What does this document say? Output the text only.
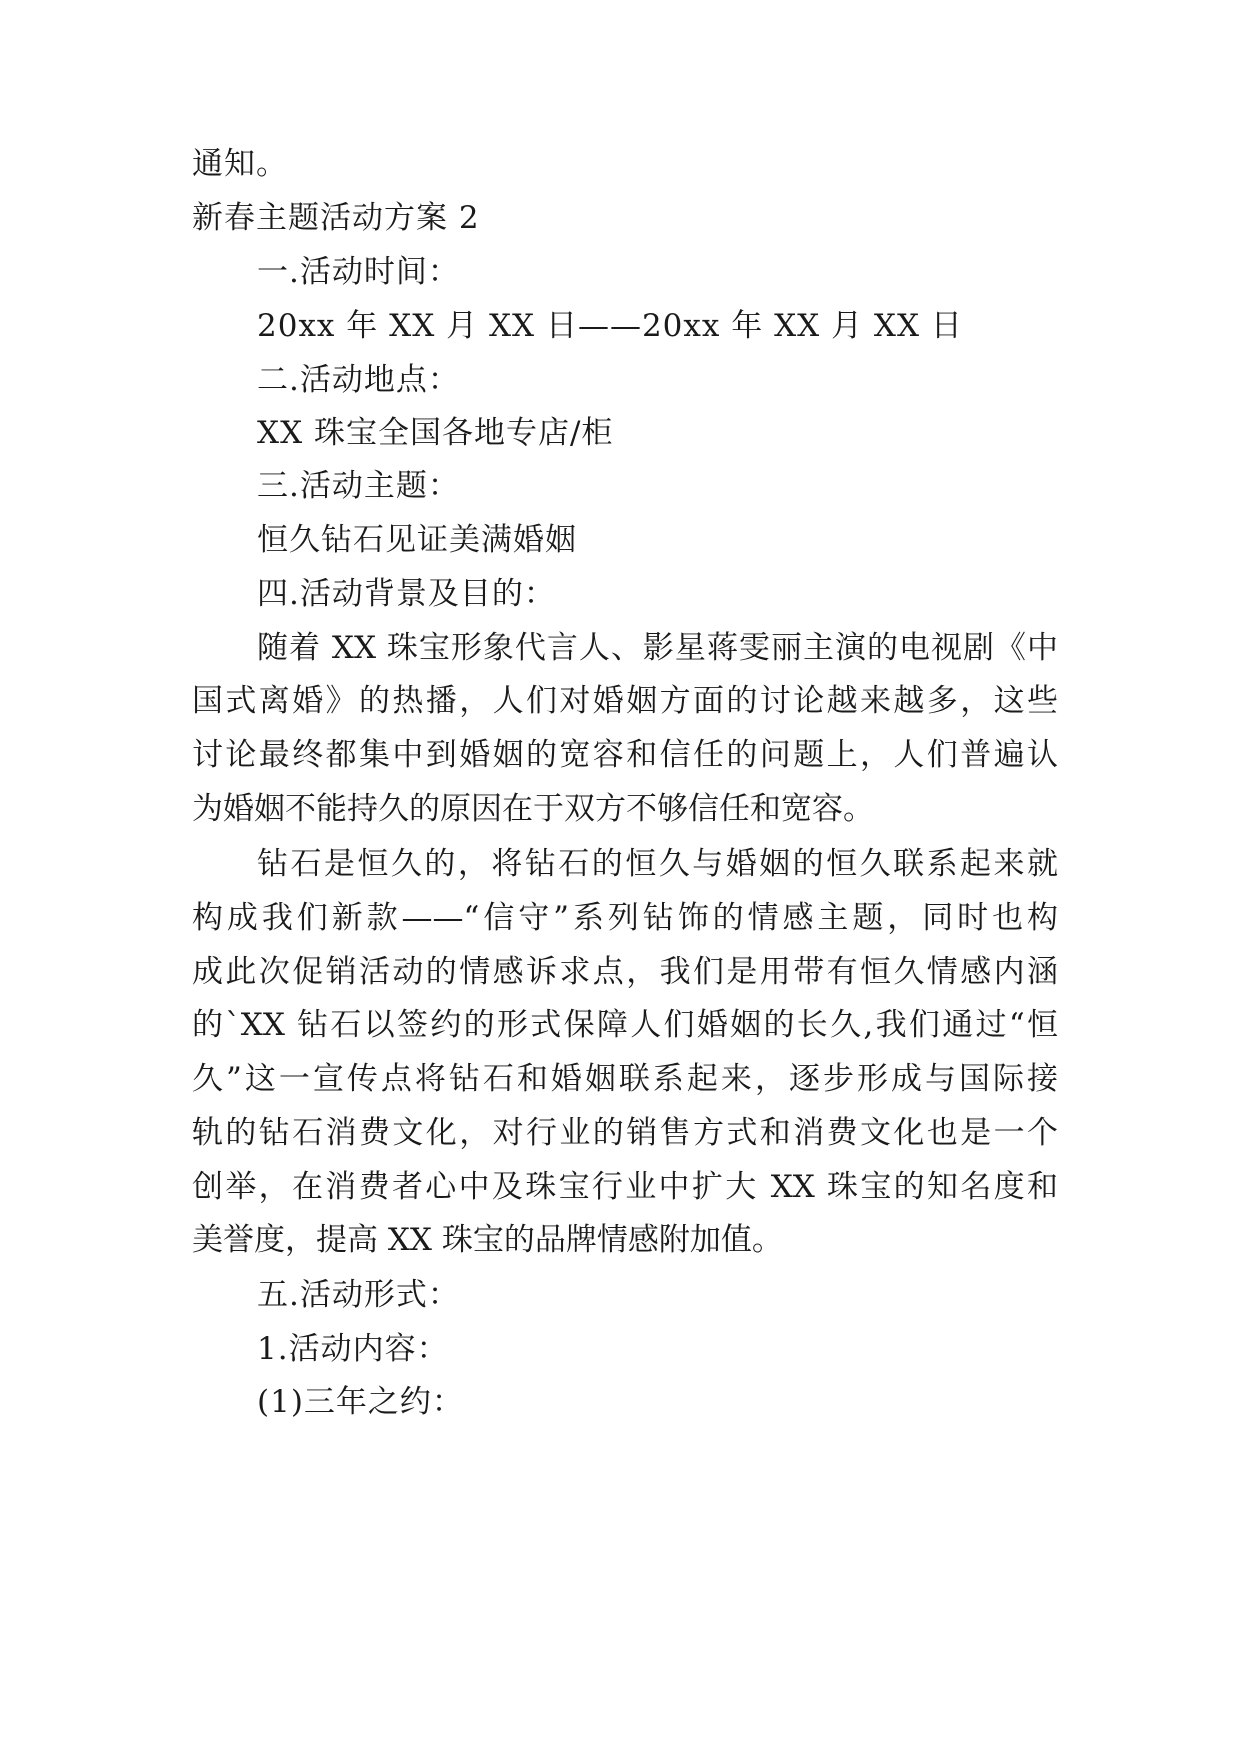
通知。
新春主题活动方案 2
一.活动时间：
20xx 年 XX 月 XX 日——20xx 年 XX 月 XX 日
二.活动地点：
XX 珠宝全国各地专店/柜
三.活动主题：
恒久钻石见证美满婚姻
四.活动背景及目的：
随着 XX 珠宝形象代言人、影星蒋雯丽主演的电视剧《中
国式离婚》的热播，人们对婚姻方面的讨论越来越多，这些
讨论最终都集中到婚姻的宽容和信任的问题上，人们普遍认
为婚姻不能持久的原因在于双方不够信任和宽容。
钻石是恒久的，将钻石的恒久与婚姻的恒久联系起来就
构成我们新款——“信守”系列钻饰的情感主题，同时也构
成此次促销活动的情感诉求点，我们是用带有恒久情感内涵
的`XX 钻石以签约的形式保障人们婚姻的长久,我们通过“恒
久”这一宣传点将钻石和婚姻联系起来，逐步形成与国际接
轨的钻石消费文化，对行业的销售方式和消费文化也是一个
创举，在消费者心中及珠宝行业中扩大 XX 珠宝的知名度和
美誉度，提高 XX 珠宝的品牌情感附加值。
五.活动形式：
1.活动内容：
(1)三年之约：
